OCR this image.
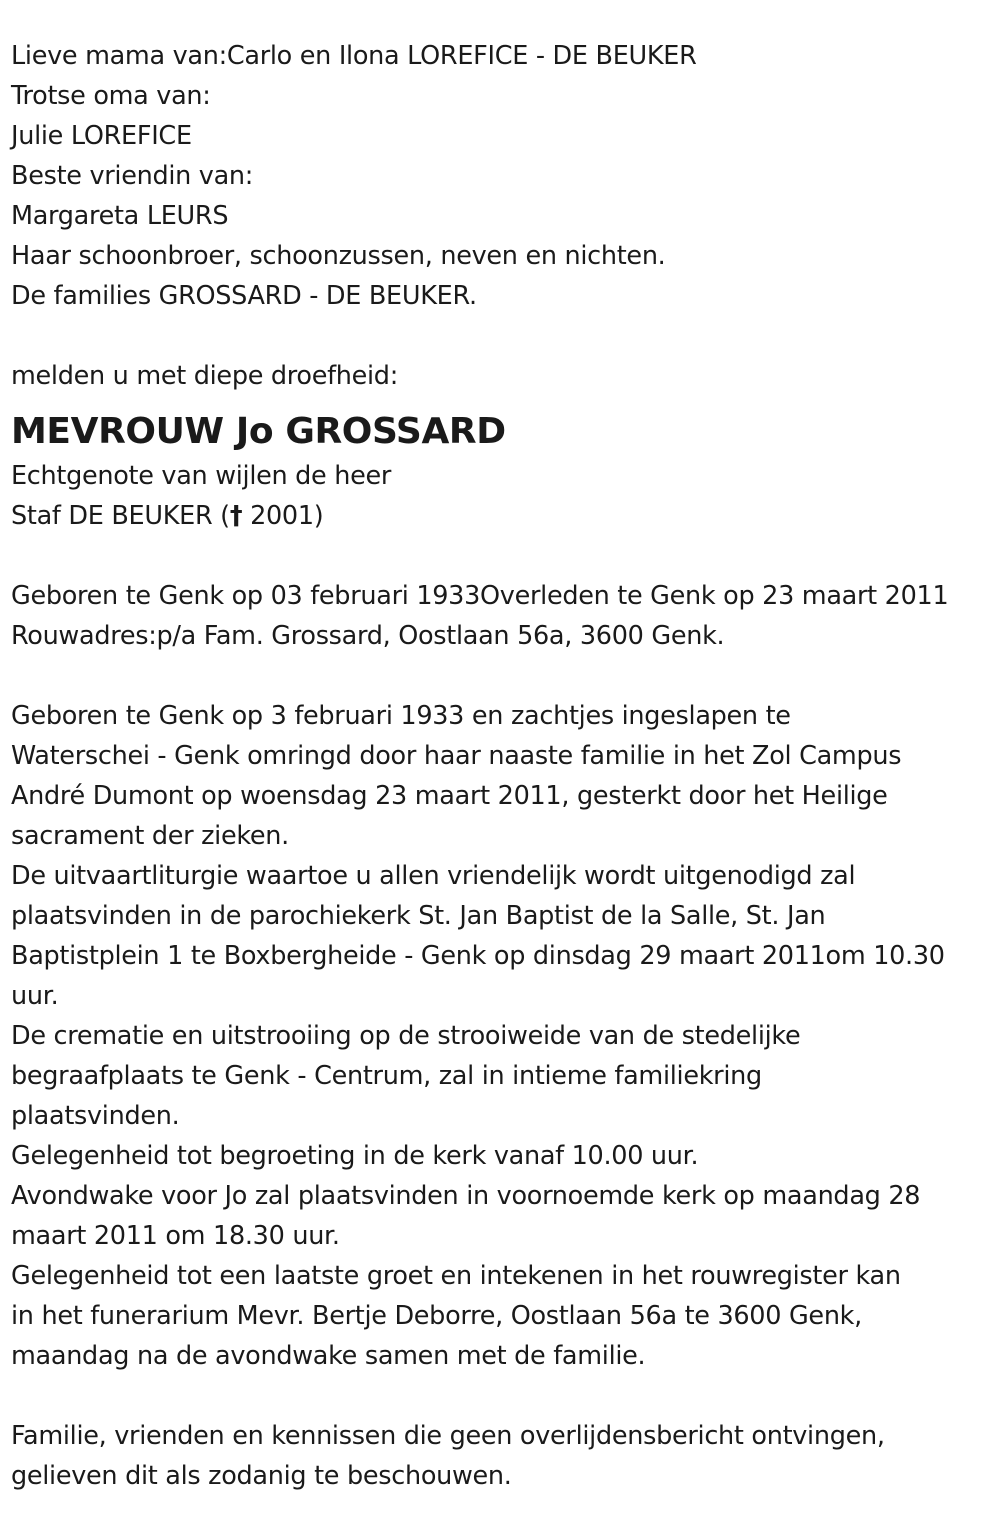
Lieve mama van:Carlo en Ilona LOREFICE - DE BEUKER
Trotse oma van:
Julie LOREFICE
Beste vriendin van:
Margareta LEURS
Haar schoonbroer, schoonzussen, neven en nichten.
De families GROSSARD - DE BEUKER.
melden u met diepe droefheid:
MEVROUW Jo GROSSARD
Echtgenote van wijlen de heer
Staf DE BEUKER († 2001)
Geboren te Genk op 03 februari 1933Overleden te Genk op 23 maart 2011
Rouwadres:p/a Fam. Grossard, Oostlaan 56a, 3600 Genk.
Geboren te Genk op 3 februari 1933 en zachtjes ingeslapen te
Waterschei - Genk omringd door haar naaste familie in het Zol Campus
André Dumont op woensdag 23 maart 2011, gesterkt door het Heilige
sacrament der zieken.
De uitvaartliturgie waartoe u allen vriendelijk wordt uitgenodigd zal
plaatsvinden in de parochiekerk St. Jan Baptist de la Salle, St. Jan
Baptistplein 1 te Boxbergheide - Genk op dinsdag 29 maart 2011om 10.30
uur.
De crematie en uitstrooiing op de strooiweide van de stedelijke
begraafplaats te Genk - Centrum, zal in intieme familiekring
plaatsvinden.
Gelegenheid tot begroeting in de kerk vanaf 10.00 uur.
Avondwake voor Jo zal plaatsvinden in voornoemde kerk op maandag 28
maart 2011 om 18.30 uur.
Gelegenheid tot een laatste groet en intekenen in het rouwregister kan
in het funerarium Mevr. Bertje Deborre, Oostlaan 56a te 3600 Genk,
maandag na de avondwake samen met de familie.
Familie, vrienden en kennissen die geen overlijdensbericht ontvingen,
gelieven dit als zodanig te beschouwen.
